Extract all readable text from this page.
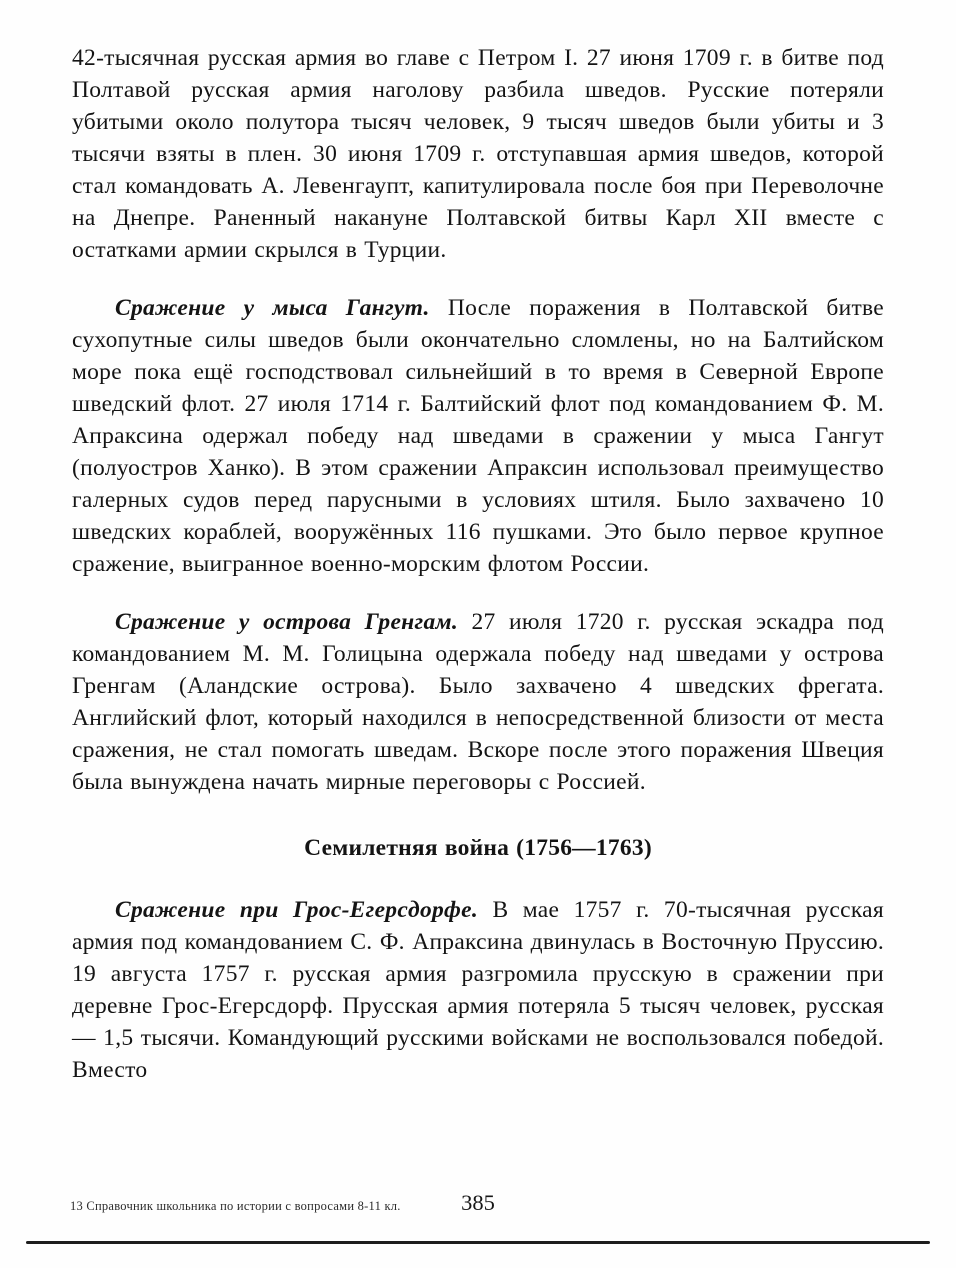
42-тысячная русская армия во главе с Петром I. 27 июня 1709 г. в битве под Полтавой русская армия наголову разбила шведов. Русские потеряли убитыми около полутора тысяч человек, 9 тысяч шведов были убиты и 3 тысячи взяты в плен. 30 июня 1709 г. отступавшая армия шведов, которой стал командовать А. Левенгаупт, капитулировала после боя при Переволочне на Днепре. Раненный накануне Полтавской битвы Карл XII вместе с остатками армии скрылся в Турции.

Сражение у мыса Гангут. После поражения в Полтавской битве сухопутные силы шведов были окончательно сломлены, но на Балтийском море пока ещё господствовал сильнейший в то время в Северной Европе шведский флот. 27 июля 1714 г. Балтийский флот под командованием Ф. М. Апраксина одержал победу над шведами в сражении у мыса Гангут (полуостров Ханко). В этом сражении Апраксин использовал преимущество галерных судов перед парусными в условиях штиля. Было захвачено 10 шведских кораблей, вооружённых 116 пушками. Это было первое крупное сражение, выигранное военно-морским флотом России.

Сражение у острова Гренгам. 27 июля 1720 г. русская эскадра под командованием М. М. Голицына одержала победу над шведами у острова Гренгам (Аландские острова). Было захвачено 4 шведских фрегата. Английский флот, который находился в непосредственной близости от места сражения, не стал помогать шведам. Вскоре после этого поражения Швеция была вынуждена начать мирные переговоры с Россией.

Семилетняя война (1756—1763)

Сражение при Грос-Егерсдорфе. В мае 1757 г. 70-тысячная русская армия под командованием С. Ф. Апраксина двинулась в Восточную Пруссию. 19 августа 1757 г. русская армия разгромила прусскую в сражении при деревне Грос-Егерсдорф. Прусская армия потеряла 5 тысяч человек, русская — 1,5 тысячи. Командующий русскими войсками не воспользовался победой. Вместо

385
13 Справочник школьника по истории с вопросами 8-11 кл.
